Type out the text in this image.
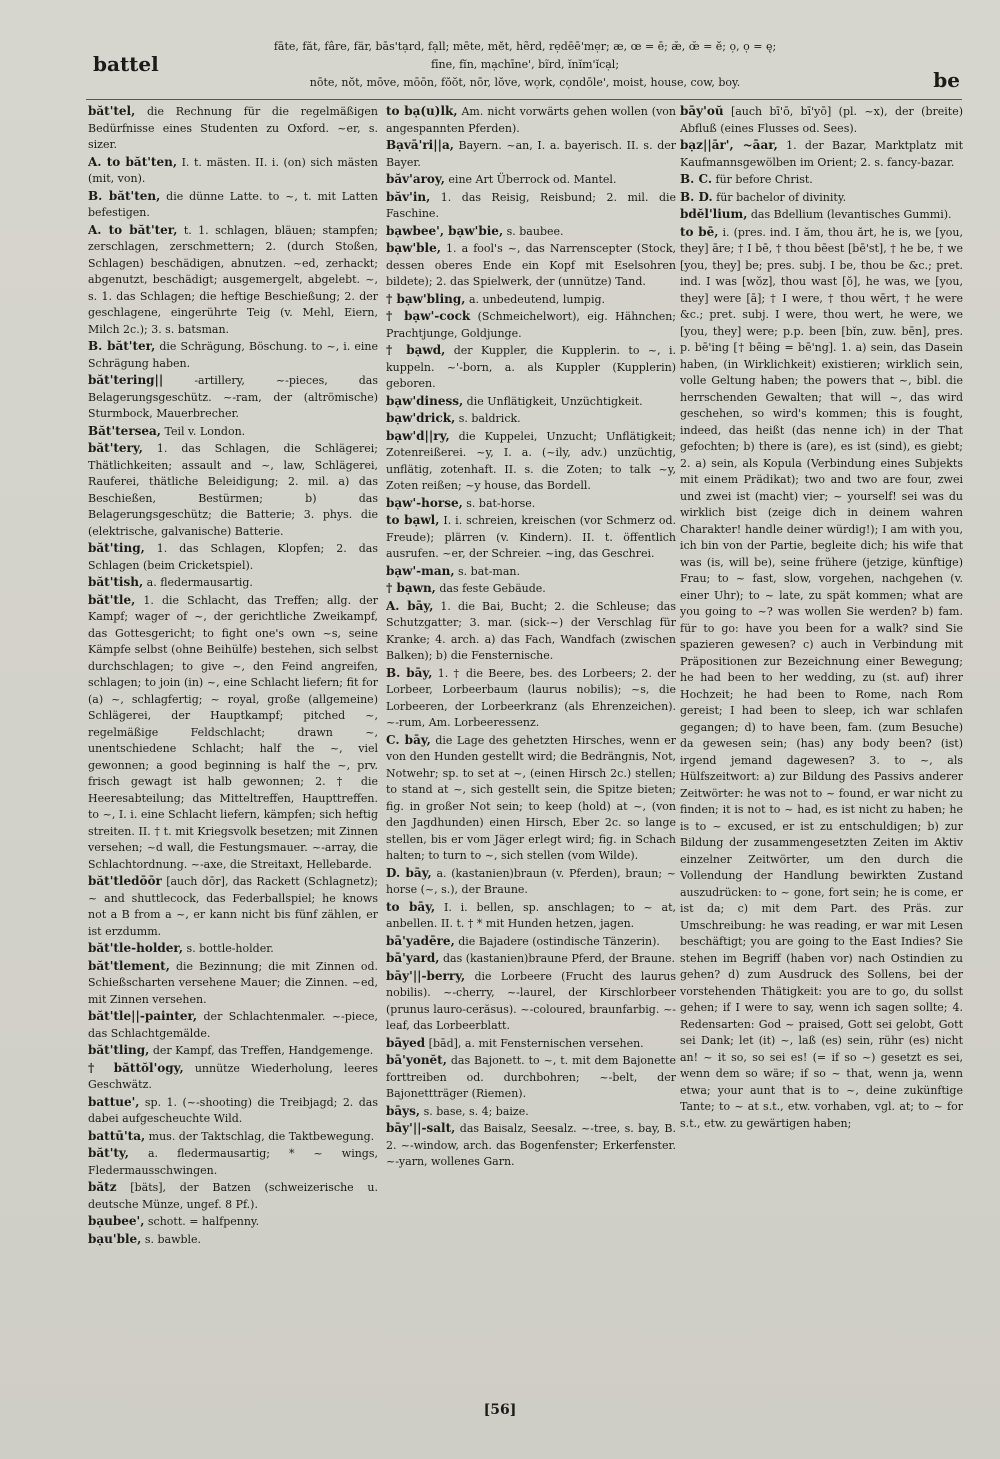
battel
fāte, făt, fâre, fär, bās'tạrd, fạll; mēte, mĕt, hẽrd, rẹdēē'mẹr; æ, œ = ē; æ̆, œ̆ = ĕ; ọ, ọ = ę;
fīne, fĭn, mạchīne', bĩrd, ĭnĭm'ĭcạl;
nōte, nŏt, mōve, mōōn, fŏŏt, nōr, lŏve, wọrk, cọndōle', moist, house, cow, boy.	be

băt'tel, die Rechnung für die regelmäßigen Bedürfnisse eines Studenten zu Oxford. ~er, s. sizer.

A. to băt'ten, I. t. mästen. II. i. (on) sich mästen (mit, von).

B. băt'ten, die dünne Latte. to ~, t. mit Latten befestigen.

A. to băt'ter, t. 1. schlagen, bläuen; stampfen; zerschlagen, zerschmettern; 2. (durch Stoßen, Schlagen) beschädigen, abnutzen. ~ed, zerhackt; abgenutzt, beschädigt; ausgemergelt, abgelebt. ~, s. 1. das Schlagen; die heftige Beschießung; 2. der geschlagene, eingerührte Teig (v. Mehl, Eiern, Milch 2c.); 3. s. batsman.

B. băt'ter, die Schrägung, Böschung. to ~, i. eine Schrägung haben.

băt'tering||	-artillery, ~-pieces, das Belagerungsgeschütz. ~-ram, der (altrömische) Sturmbock, Mauerbrecher.

Băt'tersea, Teil v. London.

băt'tery, 1. das Schlagen, die Schlägerei; Thätlichkeiten; assault and ~, law, Schlägerei, Rauferei, thätliche Beleidigung; 2. mil. a) das Beschießen, Bestürmen; b) das Belagerungsgeschütz; die Batterie; 3. phys. die (elektrische, galvanische) Batterie.

băt'ting, 1. das Schlagen, Klopfen; 2. das Schlagen (beim Cricketspiel).

băt'tish, a. fledermausartig.

băt'tle, 1. die Schlacht, das Treffen; allg. der Kampf; wager of ~, der gerichtliche Zweikampf, das Gottesgericht; to fight one's own ~s, seine Kämpfe selbst (ohne Beihülfe) bestehen, sich selbst durchschlagen; to give ~, den Feind angreifen, schlagen; to join (in) ~, eine Schlacht liefern; fit for (a) ~, schlagfertig; ~ royal, große (allgemeine) Schlägerei, der Hauptkampf; pitched ~, regelmäßige Feldschlacht; drawn ~, unentschiedene Schlacht; half the ~, viel gewonnen; a good beginning is half the ~, prv. frisch gewagt ist halb gewonnen; 2. † die Heeresabteilung; das Mitteltreffen, Haupttreffen. to ~, I. i. eine Schlacht liefern, kämpfen; sich heftig streiten. II. † t. mit Kriegsvolk besetzen; mit Zinnen versehen; ~d wall, die Festungsmauer. ~-array, die Schlachtordnung. ~-axe, die Streitaxt, Hellebarde.

băt'tledōōr [auch dōr], das Rackett (Schlagnetz); ~ and shuttlecock, das Federballspiel; he knows not a B from a ~, er kann nicht bis fünf zählen, er ist erzdumm.

băt'tle-holder, s. bottle-holder.

băt'tlement, die Bezinnung; die mit Zinnen od. Schießscharten versehene Mauer; die Zinnen. ~ed, mit Zinnen versehen.

băt'tle||-painter, der Schlachtenmaler. ~-piece, das Schlachtgemälde.

băt'tling, der Kampf, das Treffen, Handgemenge.

† băttŏl'ogy, unnütze Wiederholung, leeres Geschwätz.

battue', sp. 1. (~-shooting) die Treibjagd; 2. das dabei aufgescheuchte Wild.

battū'ta, mus. der Taktschlag, die Taktbewegung.

băt'ty, a. fledermausartig; * ~ wings, Fledermausschwingen.

bătz [bäts], der Batzen (schweizerische u. deutsche Münze, ungef. 8 Pf.).

bạubee', schott. = halfpenny.

bạu'ble, s. bawble.

to bạ(u)lk, Am. nicht vorwärts gehen wollen (von angespannten Pferden).

Bạvā'ri||a, Bayern. ~an, I. a. bayerisch. II. s. der Bayer.

băv'aroy, eine Art Überrock od. Mantel.

băv'in, 1. das Reisig, Reisbund; 2. mil. die Faschine.

bạwbee', bạw'bie, s. baubee.

bạw'ble, 1. a fool's ~, das Narrenscepter (Stock, dessen oberes Ende ein Kopf mit Eselsohren bildete); 2. das Spielwerk, der (unnütze) Tand.

† bạw'bling, a. unbedeutend, lumpig.

† bạw'-cock (Schmeichelwort), eig. Hähnchen; Prachtjunge, Goldjunge.

† bạwd, der Kuppler, die Kupplerin. to ~, i. kuppeln. ~'-born, a. als Kuppler (Kupplerin) geboren.

bạw'diness, die Unflätigkeit, Unzüchtigkeit.

bạw'drick, s. baldrick.

bạw'd||ry, die Kuppelei, Unzucht; Unflätigkeit; Zotenreißerei. ~y, I. a. (~ily, adv.) unzüchtig, unflätig, zotenhaft. II. s. die Zoten; to talk ~y, Zoten reißen; ~y house, das Bordell.

bạw'-horse, s. bat-horse.

to bạwl, I. i. schreien, kreischen (vor Schmerz od. Freude); plärren (v. Kindern). II. t. öffentlich ausrufen. ~er, der Schreier. ~ing, das Geschrei.

bạw'-man, s. bat-man.

† bạwn, das feste Gebäude.

A. bāy, 1. die Bai, Bucht; 2. die Schleuse; das Schutzgatter; 3. mar. (sick-~) der Verschlag für Kranke; 4. arch. a) das Fach, Wandfach (zwischen Balken); b) die Fensternische.

B. bāy, 1. † die Beere, bes. des Lorbeers; 2. der Lorbeer, Lorbeerbaum (laurus nobilis); ~s, die Lorbeeren, der Lorbeerkranz (als Ehrenzeichen). ~-rum, Am. Lorbeeressenz.

C. bāy, die Lage des gehetzten Hirsches, wenn er von den Hunden gestellt wird; die Bedrängnis, Not, Notwehr; sp. to set at ~, (einen Hirsch 2c.) stellen; to stand at ~, sich gestellt sein, die Spitze bieten; fig. in großer Not sein; to keep (hold) at ~, (von den Jagdhunden) einen Hirsch, Eber 2c. so lange stellen, bis er vom Jäger erlegt wird; fig. in Schach halten; to turn to ~, sich stellen (vom Wilde).

D. bāy, a. (kastanien)braun (v. Pferden), braun; ~ horse (~, s.), der Braune.

to bāy, I. i. bellen, sp. anschlagen; to ~ at, anbellen. II. t. † * mit Hunden hetzen, jagen.

bā'yadēre, die Bajadere (ostindische Tänzerin).

bā'yard, das (kastanien)braune Pferd, der Braune.

bāy'||-berry, die Lorbeere (Frucht des laurus nobilis). ~-cherry, ~-laurel, der Kirschlorbeer (prunus lauro-cerăsus). ~-coloured, braunfarbig. ~-leaf, das Lorbeerblatt.

bāyed [bād], a. mit Fensternischen versehen.

bā'yonĕt, das Bajonett. to ~, t. mit dem Bajonette forttreiben od. durchbohren; ~-belt, der Bajonettträger (Riemen).

bāys, s. base, s. 4; baize.

bāy'||-salt, das Baisalz, Seesalz. ~-tree, s. bay, B. 2. ~-window, arch. das Bogenfenster; Erkerfenster. ~-yarn, wollenes Garn.

bāy'oŭ [auch bī'ō, bī'yō] (pl. ~x), der (breite) Abfluß (eines Flusses od. Sees).

bạz||ār', ~āar, 1. der Bazar, Marktplatz mit Kaufmannsgewölben im Orient; 2. s. fancy-bazar.

B. C. für before Christ.

B. D. für bachelor of divinity.

bdĕl'lium, das Bdellium (levantisches Gummi).

to bē, i. (pres. ind. I ăm, thou ărt, he is, we [you, they] āre; † I bē, † thou bēest [bē'st], † he be, † we [you, they] be; pres. subj. I be, thou be &c.; pret. ind. I was [wŏz], thou wast [ŏ], he was, we [you, they] were [ā]; † I were, † thou wērt, † he were &c.; pret. subj. I were, thou wert, he were, we [you, they] were; p.p. been [bĭn, zuw. bēn], pres. p. bē'ing [† bēing = bē'ng]. 1. a) sein, das Dasein haben, (in Wirklichkeit) existieren; wirklich sein, volle Geltung haben; the powers that ~, bibl. die herrschenden Gewalten; that will ~, das wird geschehen, so wird's kommen; this is fought, indeed, das heißt (das nenne ich) in der That gefochten; b) there is (are), es ist (sind), es giebt; 2. a) sein, als Kopula (Verbindung eines Subjekts mit einem Prädikat); two and two are four, zwei und zwei ist (macht) vier; ~ yourself! sei was du wirklich bist (zeige dich in deinem wahren Charakter! handle deiner würdig!); I am with you, ich bin von der Partie, begleite dich; his wife that was (is, will be), seine frühere (jetzige, künftige) Frau; to ~ fast, slow, vorgehen, nachgehen (v. einer Uhr); to ~ late, zu spät kommen; what are you going to ~? was wollen Sie werden? b) fam. für to go: have you been for a walk? sind Sie spazieren gewesen? c) auch in Verbindung mit Präpositionen zur Bezeichnung einer Bewegung; he had been to her wedding, zu (st. auf) ihrer Hochzeit; he had been to Rome, nach Rom gereist; I had been to sleep, ich war schlafen gegangen; d) to have been, fam. (zum Besuche) da gewesen sein; (has) any body been? (ist) irgend jemand dagewesen? 3. to ~, als Hülfszeitwort: a) zur Bildung des Passivs anderer Zeitwörter: he was not to ~ found, er war nicht zu finden; it is not to ~ had, es ist nicht zu haben; he is to ~ excused, er ist zu entschuldigen; b) zur Bildung der zusammengesetzten Zeiten im Aktiv einzelner Zeitwörter, um den durch die Vollendung der Handlung bewirkten Zustand auszudrücken: to ~ gone, fort sein; he is come, er ist da; c) mit dem Part. des Präs. zur Umschreibung: he was reading, er war mit Lesen beschäftigt; you are going to the East Indies? Sie stehen im Begriff (haben vor) nach Ostindien zu gehen? d) zum Ausdruck des Sollens, bei der vorstehenden Thätigkeit: you are to go, du sollst gehen; if I were to say, wenn ich sagen sollte; 4. Redensarten: God ~ praised, Gott sei gelobt, Gott sei Dank; let (it) ~, laß (es) sein, rühr (es) nicht an! ~ it so, so sei es! (= if so ~) gesetzt es sei, wenn dem so wäre; if so ~ that, wenn ja, wenn etwa; your aunt that is to ~, deine zukünftige Tante; to ~ at s.t., etw. vorhaben, vgl. at; to ~ for s.t., etw. zu gewärtigen haben;

[56]
